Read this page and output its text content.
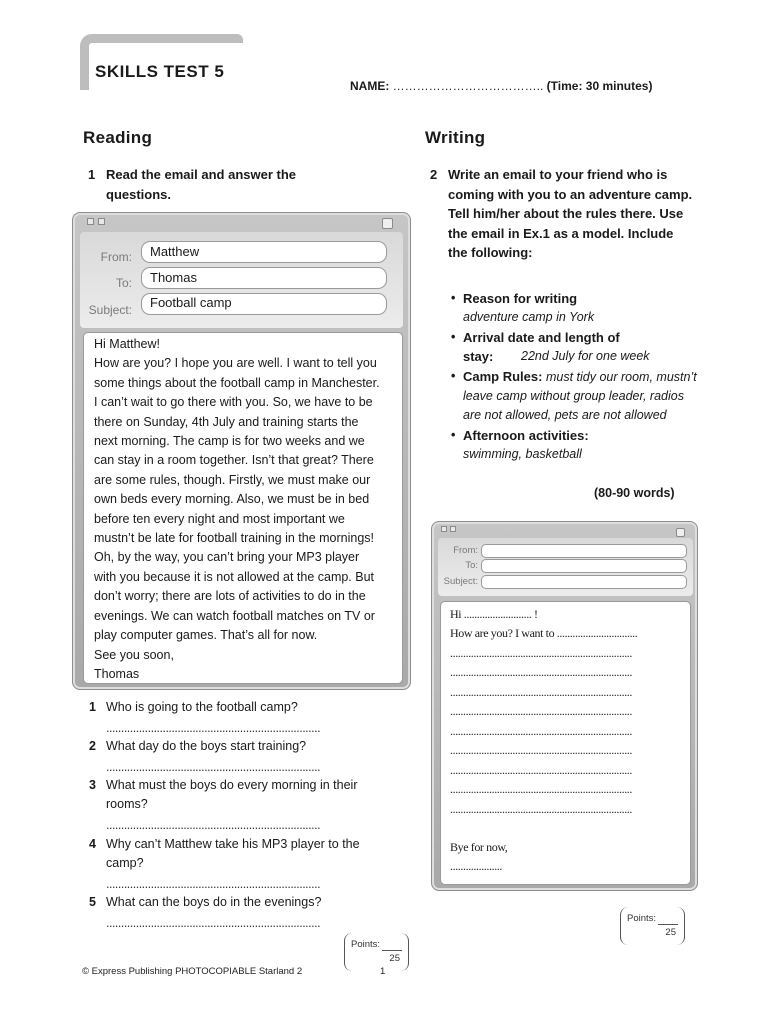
SKILLS TEST 5
NAME: ……………………………….. (Time: 30 minutes)
Reading	Writing
1 Read the email and answer the questions.
From:	Matthew
To:	Thomas
Subject:	Football camp
Hi Matthew!
How are you? I hope you are well. I want to tell you
some things about the football camp in Manchester.
I can’t wait to go there with you. So, we have to be
there on Sunday, 4th July and training starts the
next morning. The camp is for two weeks and we
can stay in a room together. Isn’t that great? There
are some rules, though. Firstly, we must make our
own beds every morning. Also, we must be in bed
before ten every night and most important we
mustn’t be late for football training in the mornings!
Oh, by the way, you can’t bring your MP3 player
with you because it is not allowed at the camp. But
don’t worry; there are lots of activities to do in the
evenings. We can watch football matches on TV or
play computer games. That’s all for now.
See you soon,
Thomas
1 Who is going to the football camp?
........................................................................
2 What day do the boys start training?
........................................................................
3 What must the boys do every morning in their rooms?
........................................................................
4 Why can’t Matthew take his MP3 player to the camp?
........................................................................
5 What can the boys do in the evenings?
........................................................................
Points:
25
2 Write an email to your friend who is coming with you to an adventure camp. Tell him/her about the rules there. Use the email in Ex.1 as a model. Include the following:
• Reason for writing
adventure camp in York
• Arrival date and length of stay:	22nd July for one week
• Camp Rules: must tidy our room, mustn’t leave camp without group leader, radios are not allowed, pets are not allowed
• Afternoon activities:
swimming, basketball
(80-90 words)
From:
To:
Subject:
Hi .......................... !
How are you? I want to ...............................
......................................................................
......................................................................
......................................................................
......................................................................
......................................................................
......................................................................
......................................................................
......................................................................
......................................................................
Bye for now,
....................
Points:
25
© Express Publishing PHOTOCOPIABLE Starland 2	1
